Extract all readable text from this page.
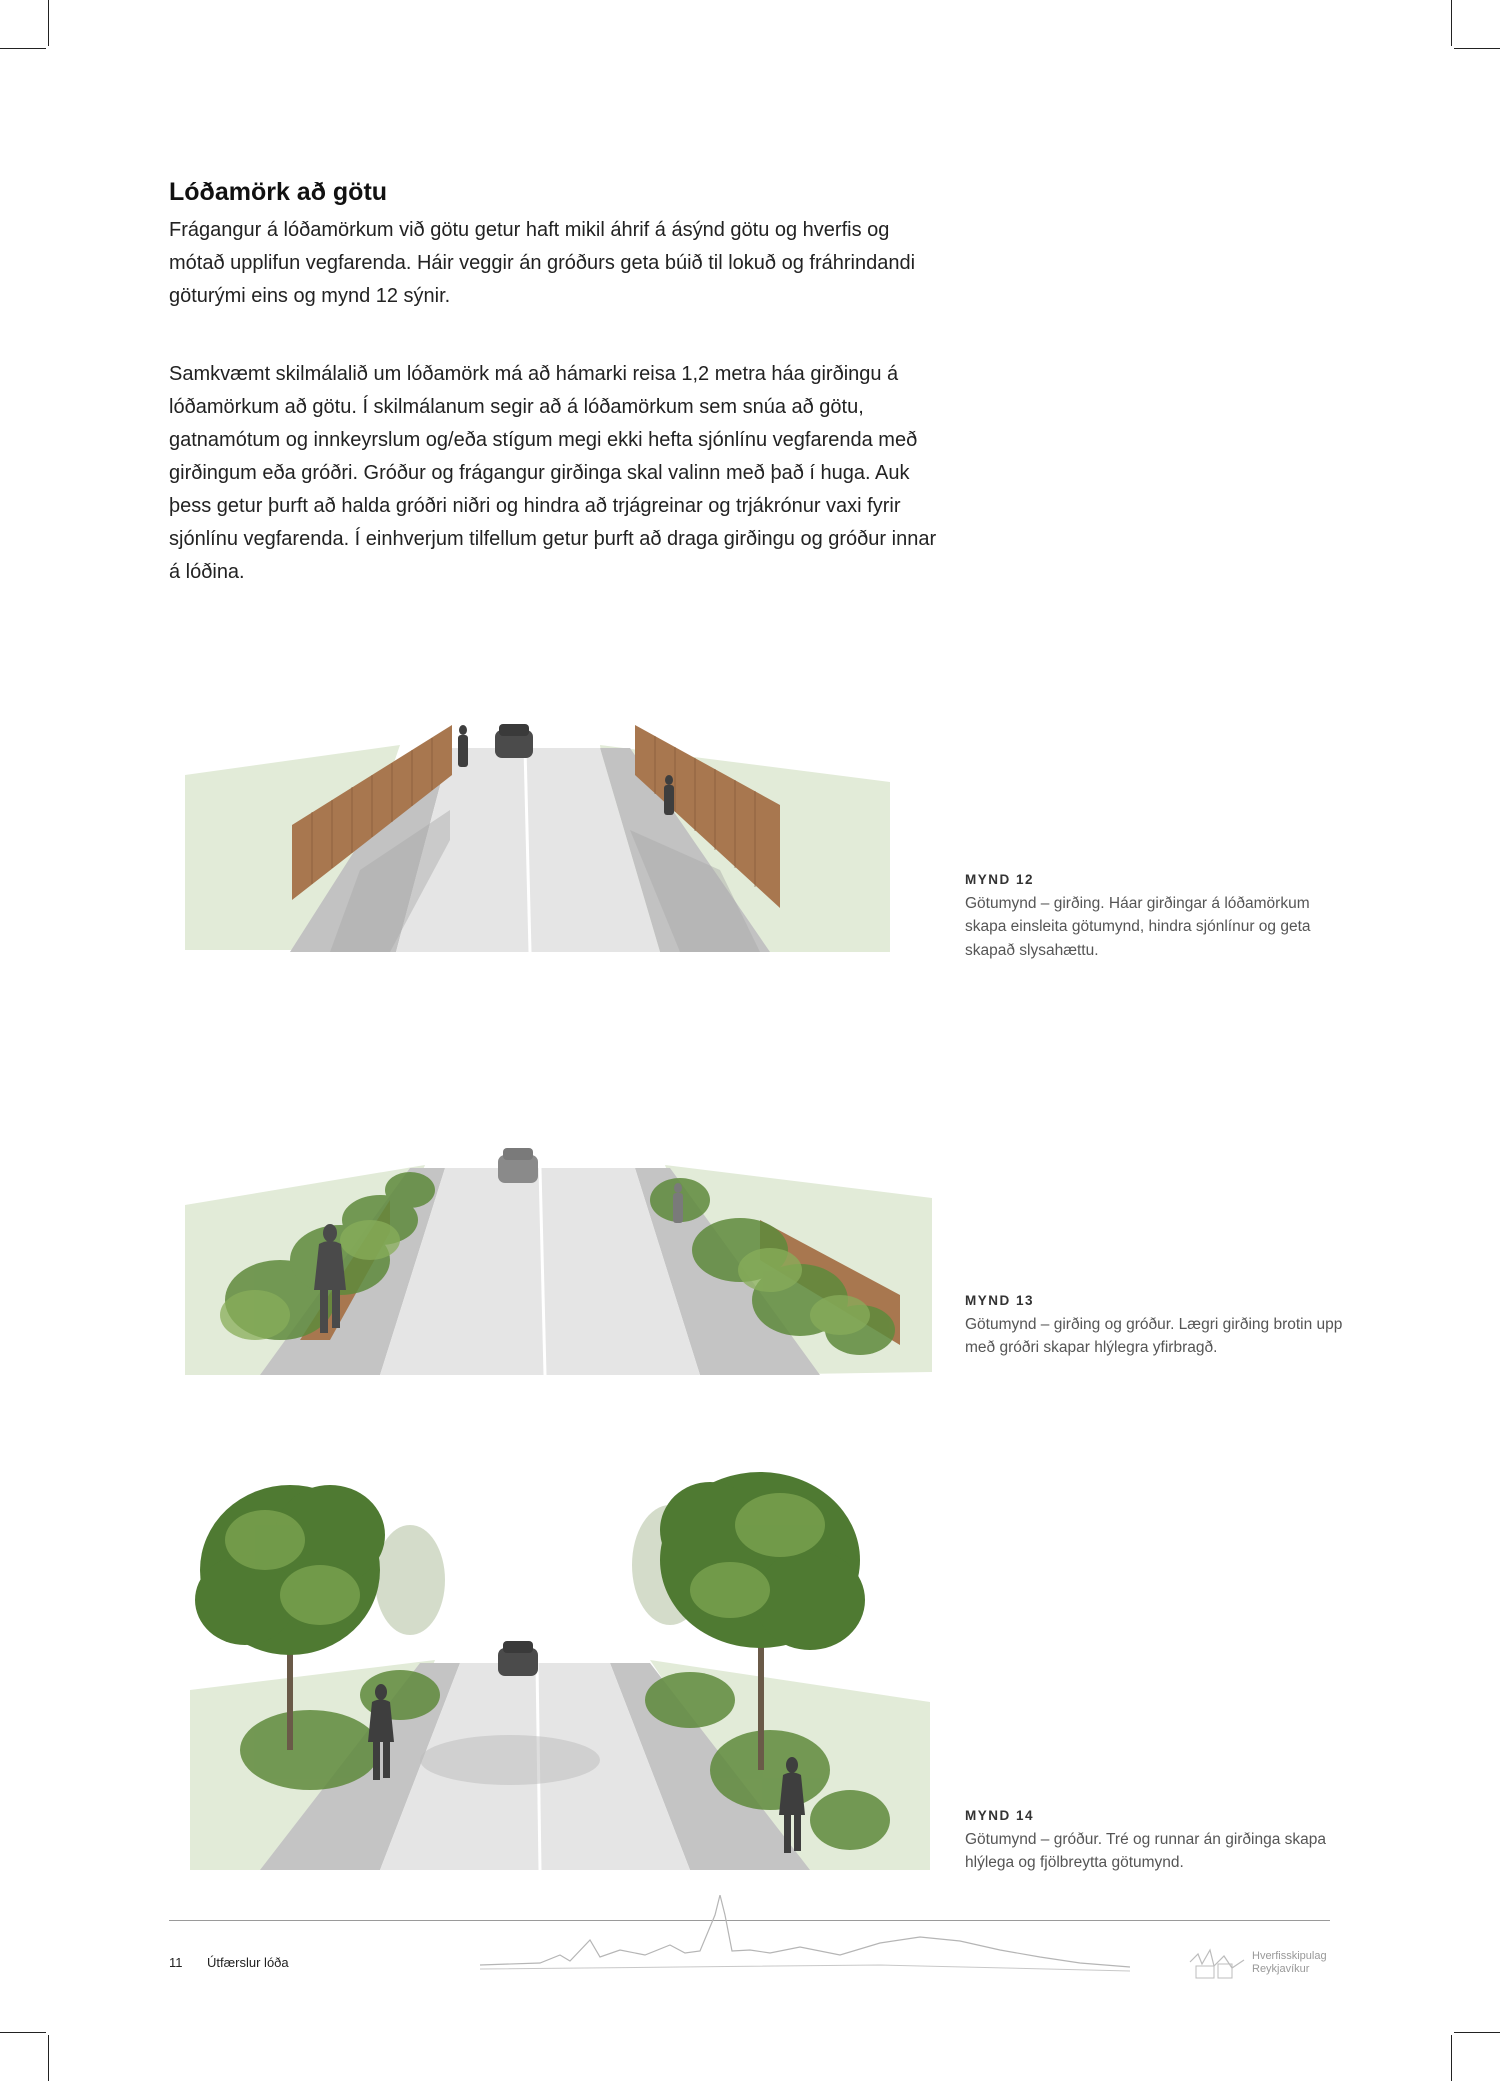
Lóðamörk að götu

Frágangur á lóðamörkum við götu getur haft mikil áhrif á ásýnd götu og hverfis og mótað upplifun vegfarenda. Háir veggir án gróðurs geta búið til lokuð og fráhrindandi göturými eins og mynd 12 sýnir.

Samkvæmt skilmálalið um lóðamörk má að hámarki reisa 1,2 metra háa girðingu á lóðamörkum að götu. Í skilmálanum segir að á lóðamörkum sem snúa að götu, gatnamótum og innkeyrslum og/eða stígum megi ekki hefta sjónlínu vegfarenda með girðingum eða gróðri. Gróður og frágangur girðinga skal valinn með það í huga. Auk þess getur þurft að halda gróðri niðri og hindra að trjágreinar og trjákrónur vaxi fyrir sjónlínu vegfarenda. Í einhverjum tilfellum getur þurft að draga girðingu og gróður innar á lóðina.

MYND 12
Götumynd – girðing. Háar girðingar á lóðamörkum skapa einsleita götumynd, hindra sjónlínur og geta skapað slysahættu.
MYND 13
Götumynd – girðing og gróður. Lægri girðing brotin upp með gróðri skapar hlýlegra yfirbragð.
MYND 14
Götumynd – gróður. Tré og runnar án girðinga skapa hlýlega og fjölbreytta götumynd.
11 Útfærslur lóða	Hverfisskipulag
Reykjavíkur
